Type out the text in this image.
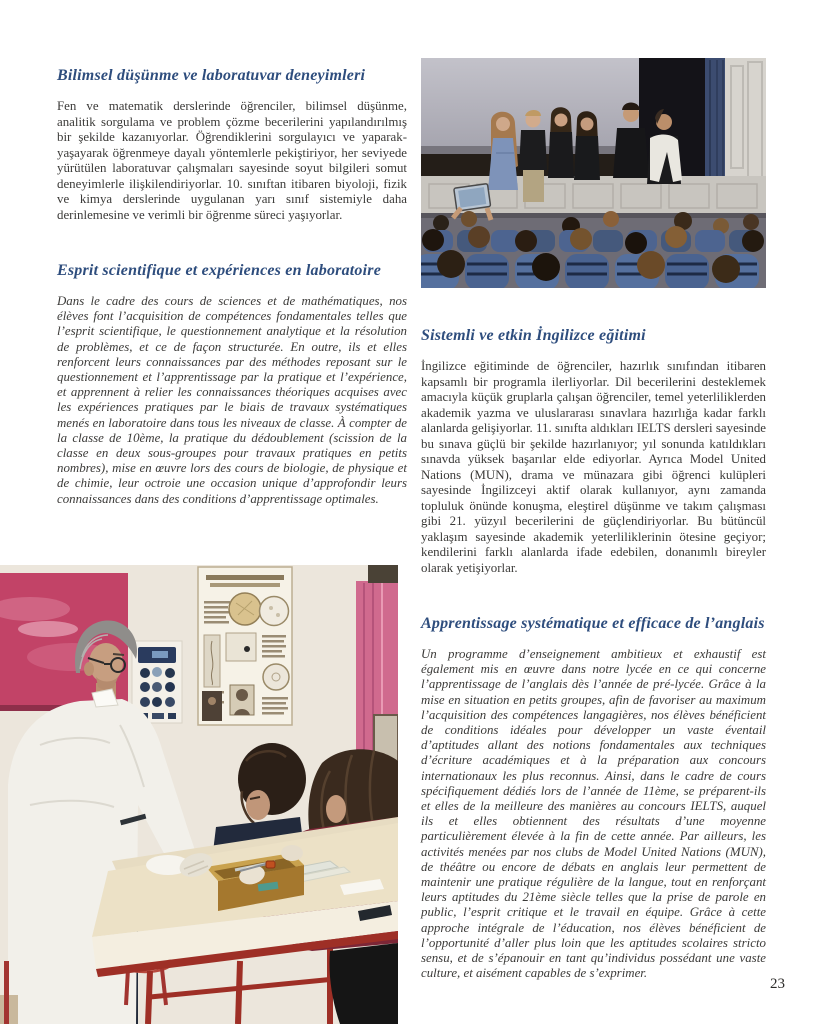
Bilimsel düşünme ve laboratuvar deneyimleri

Fen ve matematik derslerinde öğrenciler, bilimsel düşünme, analitik sorgulama ve problem çözme becerilerini yapılandırılmış bir şekilde kazanıyorlar. Öğrendiklerini sorgulayıcı ve yaparak-yaşayarak öğrenmeye dayalı yöntemlerle pekiştiriyor, her seviyede yürütülen laboratuvar çalışmaları sayesinde soyut bilgileri somut deneyimlerle ilişkilendiriyorlar. 10. sınıftan itibaren biyoloji, fizik ve kimya derslerinde uygulanan yarı sınıf sistemiyle daha derinlemesine ve verimli bir öğrenme süreci yaşıyorlar.

Esprit scientifique et expériences en laboratoire

Dans le cadre des cours de sciences et de mathématiques, nos élèves font l’acquisition de compétences fondamentales telles que l’esprit scientifique, le questionnement analytique et la résolution de problèmes, et ce de façon structurée. En outre, ils et elles renforcent leurs connaissances par des méthodes reposant sur le questionnement et l’apprentissage par la pratique et l’expérience, et apprennent à relier les connaissances théoriques acquises avec les expériences pratiques par le biais de travaux systématiques menés en laboratoire dans tous les niveaux de classe. À compter de la classe de 10ème, la pratique du dédoublement (scission de la classe en deux sous-groupes pour travaux pratiques en petits nombres), mise en œuvre lors des cours de biologie, de physique et de chimie, leur octroie une occasion unique d’approfondir leurs connaissances dans des conditions d’apprentissage optimales.

Sistemli ve etkin İngilizce eğitimi

İngilizce eğitiminde de öğrenciler, hazırlık sınıfından itibaren kapsamlı bir programla ilerliyorlar. Dil becerilerini desteklemek amacıyla küçük gruplarla çalışan öğrenciler, temel yeterliliklerden akademik yazma ve uluslararası sınavlara hazırlığa kadar farklı alanlarda gelişiyorlar. 11. sınıfta aldıkları IELTS dersleri sayesinde bu sınava güçlü bir şekilde hazırlanıyor; yıl sonunda katıldıkları sınavda yüksek başarılar elde ediyorlar. Ayrıca Model United Nations (MUN), drama ve münazara gibi öğrenci kulüpleri sayesinde İngilizceyi aktif olarak kullanıyor, aynı zamanda topluluk önünde konuşma, eleştirel düşünme ve takım çalışması gibi 21. yüzyıl becerilerini de güçlendiriyorlar. Bu bütüncül yaklaşım sayesinde akademik yeterliliklerinin ötesine geçiyor; kendilerini farklı alanlarda ifade edebilen, donanımlı bireyler olarak yetişiyorlar.

Apprentissage systématique et efficace de l’anglais

Un programme d’enseignement ambitieux et exhaustif est également mis en œuvre dans notre lycée en ce qui concerne l’apprentissage de l’anglais dès l’année de pré-lycée. Grâce à la mise en situation en petits groupes, afin de favoriser au maximum l’acquisition des compétences langagières, nos élèves bénéficient de conditions idéales pour développer un vaste éventail d’aptitudes allant des notions fondamentales aux techniques d’écriture académiques et à la préparation aux concours internationaux les plus reconnus. Ainsi, dans le cadre de cours spécifiquement dédiés lors de l’année de 11ème, se préparent-ils et elles de la meilleure des manières au concours IELTS, auquel ils et elles obtiennent des résultats d’une moyenne particulièrement élevée à la fin de cette année. Par ailleurs, les activités menées par nos clubs de Model United Nations (MUN), de théâtre ou encore de débats en anglais leur permettent de maintenir une pratique régulière de la langue, tout en renforçant leurs aptitudes du 21ème siècle telles que la prise de parole en public, l’esprit critique et le travail en équipe. Grâce à cette approche intégrale de l’éducation, nos élèves bénéficient de l’opportunité d’aller plus loin que les aptitudes scolaires stricto sensu, et de s’épanouir en tant qu’individus possédant une vaste culture, et aisément capables de s’exprimer.

23
